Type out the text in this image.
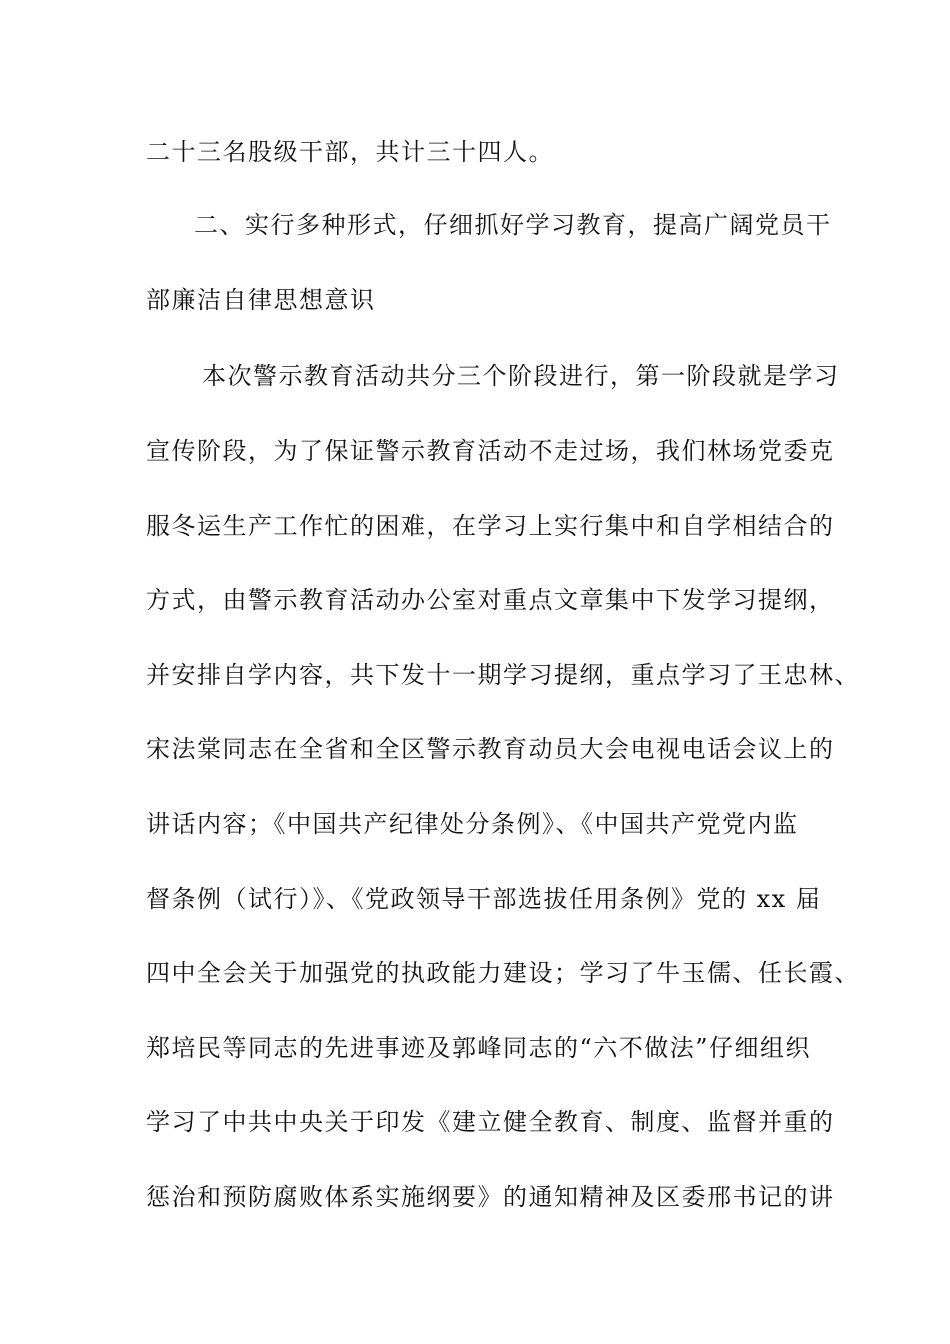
二十三名股级干部，共计三十四人。

二、实行多种形式，仔细抓好学习教育，提高广阔党员干

部廉洁自律思想意识

本次警示教育活动共分三个阶段进行，第一阶段就是学习

宣传阶段，为了保证警示教育活动不走过场，我们林场党委克

服冬运生产工作忙的困难，在学习上实行集中和自学相结合的

方式，由警示教育活动办公室对重点文章集中下发学习提纲，

并安排自学内容，共下发十一期学习提纲，重点学习了王忠林、

宋法棠同志在全省和全区警示教育动员大会电视电话会议上的

讲话内容；《中国共产纪律处分条例》、《中国共产党党内监

督条例（试行）》、《党政领导干部选拔任用条例》党的 xx 届

四中全会关于加强党的执政能力建设；学习了牛玉儒、任长霞、

郑培民等同志的先进事迹及郭峰同志的“六不做法”仔细组织

学习了中共中央关于印发《建立健全教育、制度、监督并重的

惩治和预防腐败体系实施纲要》的通知精神及区委邢书记的讲
